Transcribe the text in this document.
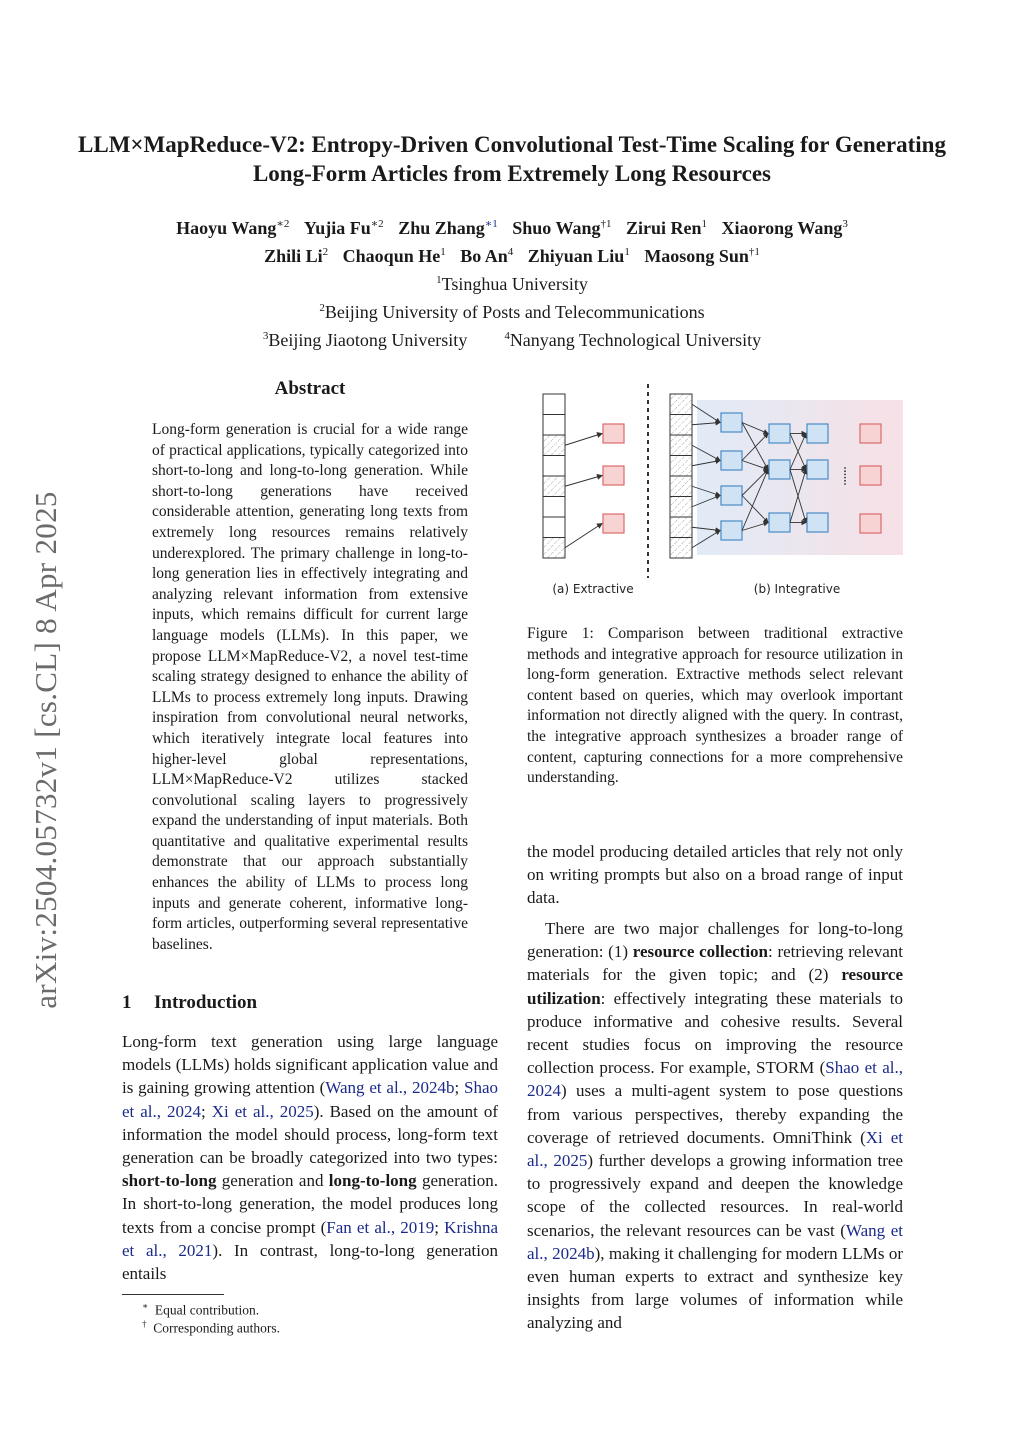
arXiv:2504.05732v1 [cs.CL] 8 Apr 2025
LLM×MapReduce-V2: Entropy-Driven Convolutional Test-Time Scaling for Generating Long-Form Articles from Extremely Long Resources
Haoyu Wang$^{∗2}$ Yujia $Fu^{∗2}$ Zhu Zhang$^{∗1}$ Shuo Wang$^{\dagger 1}$ Zirui Ren$^1$ Xiaorong Wang$^3$
Zhili Li$^2$ Chaoqun He$^1$ Bo An$^4$ Zhiyuan Liu$^1$ Maosong Sun$^{\dagger 1}$
$^1$Tsinghua University
$^2$Beijing University of Posts and Telecommunications
$^3$Beijing Jiaotong University	$^4$Nanyang Technological University
Abstract

Long-form generation is crucial for a wide range of practical applications, typically categorized into short-to-long and long-to-long generation. While short-to-long generations have received considerable attention, generating long texts from extremely long resources remains relatively underexplored. The primary challenge in long-to-long generation lies in effectively integrating and analyzing relevant information from extensive inputs, which remains difficult for current large language models (LLMs). In this paper, we propose LLM×MapReduce-V2, a novel test-time scaling strategy designed to enhance the ability of LLMs to process extremely long inputs. Drawing inspiration from convolutional neural networks, which iteratively integrate local features into higher-level global representations, LLM×MapReduce-V2 utilizes stacked convolutional scaling layers to progressively expand the understanding of input materials. Both quantitative and qualitative experimental results demonstrate that our approach substantially enhances the ability of LLMs to process long inputs and generate coherent, informative long-form articles, outperforming several representative baselines.

1 Introduction

Long-form text generation using large language models (LLMs) holds significant application value and is gaining growing attention (Wang et al., 2024b; Shao et al., 2024; Xi et al., 2025). Based on the amount of information the model should process, long-form text generation can be broadly categorized into two types: short-to-long generation and long-to-long generation. In short-to-long generation, the model produces long texts from a concise prompt (Fan et al., 2019; Krishna et al., 2021). In contrast, long-to-long generation entails

∗ Equal contribution.
† Corresponding authors.
(a) Extractive	(b) Integrative

Figure 1: Comparison between traditional extractive methods and integrative approach for resource utilization in long-form generation. Extractive methods select relevant content based on queries, which may overlook important information not directly aligned with the query. In contrast, the integrative approach synthesizes a broader range of content, capturing connections for a more comprehensive understanding.

the model producing detailed articles that rely not only on writing prompts but also on a broad range of input data.

There are two major challenges for long-to-long generation: (1) resource collection: retrieving relevant materials for the given topic; and (2) resource utilization: effectively integrating these materials to produce informative and cohesive results. Several recent studies focus on improving the resource collection process. For example, STORM (Shao et al., 2024) uses a multi-agent system to pose questions from various perspectives, thereby expanding the coverage of retrieved documents. OmniThink (Xi et al., 2025) further develops a growing information tree to progressively expand and deepen the knowledge scope of the collected resources. In real-world scenarios, the relevant resources can be vast (Wang et al., 2024b), making it challenging for modern LLMs or even human experts to extract and synthesize key insights from large volumes of information while analyzing and
